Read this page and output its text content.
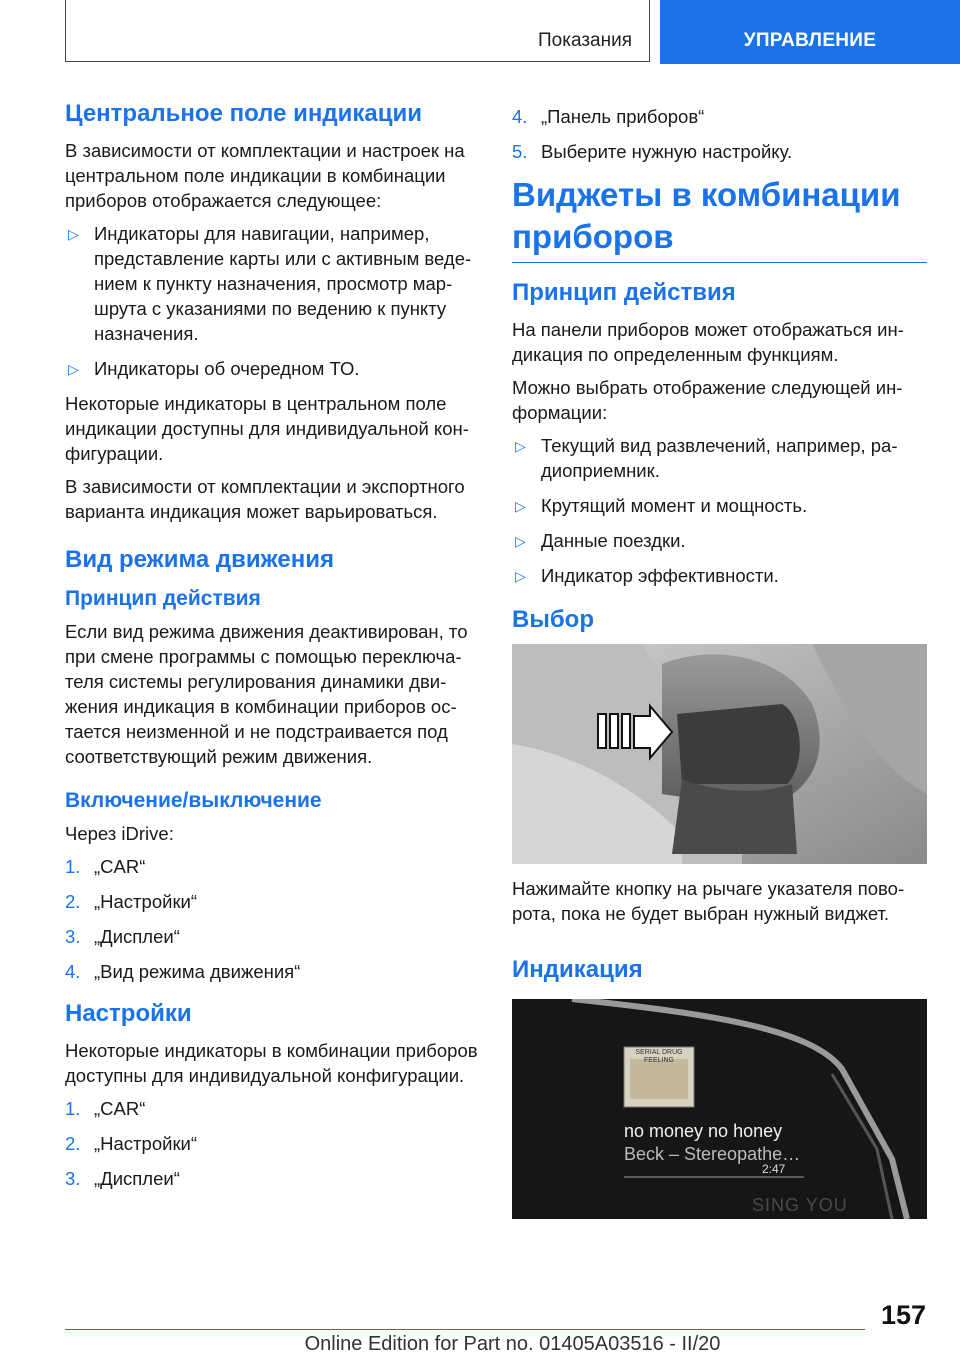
Показания	УПРАВЛЕНИЕ
Центральное поле индикации

В зависимости от комплектации и настроек на центральном поле индикации в комбинации приборов отображается следующее:

▷ Индикаторы для навигации, например, представление карты или с активным ведением к пункту назначения, просмотр маршрута с указаниями по ведению к пункту назначения.
▷ Индикаторы об очередном ТО.

Некоторые индикаторы в центральном поле индикации доступны для индивидуальной конфигурации.

В зависимости от комплектации и экспортного варианта индикация может варьироваться.

Вид режима движения
Принцип действия

Если вид режима движения деактивирован, то при смене программы с помощью переключателя системы регулирования динамики движения индикация в комбинации приборов остается неизменной и не подстраивается под соответствующий режим движения.

Включение/выключение

Через iDrive:

1. „CAR“
2. „Настройки“
3. „Дисплеи“
4. „Вид режима движения“
Настройки

Некоторые индикаторы в комбинации приборов доступны для индивидуальной конфигурации.

1. „CAR“
2. „Настройки“
3. „Дисплеи“
4. „Панель приборов“
5. Выберите нужную настройку.
Виджеты в комбинации приборов
Принцип действия

На панели приборов может отображаться индикация по определенным функциям.

Можно выбрать отображение следующей информации:

▷ Текущий вид развлечений, например, радиоприемник.
▷ Крутящий момент и мощность.
▷ Данные поездки.
▷ Индикатор эффективности.
Выбор

Нажимайте кнопку на рычаге указателя поворота, пока не будет выбран нужный виджет.

Индикация
SERIAL DRUG FEELING
SING YOU
no money no honey
Beck – Stereopathe…
2:47
157
Online Edition for Part no. 01405A03516 - II/20
